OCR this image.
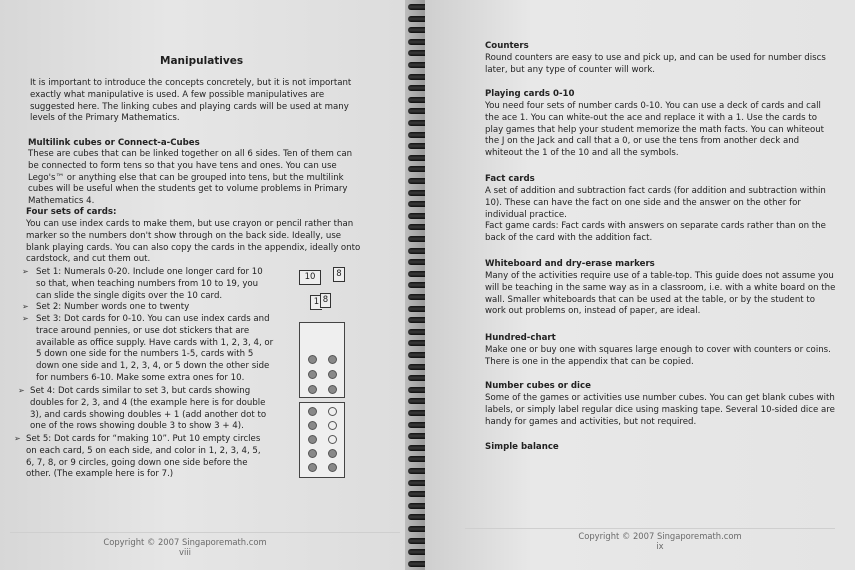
Manipulatives
It is important to introduce the concepts concretely, but it is not important exactly what manipulative is used. A few possible manipulatives are suggested here. The linking cubes and playing cards will be used at many levels of the Primary Mathematics.
Multilink cubes or Connect-a-Cubes
These are cubes that can be linked together on all 6 sides. Ten of them can be connected to form tens so that you have tens and ones. You can use Lego's™ or anything else that can be grouped into tens, but the multilink cubes will be useful when the students get to volume problems in Primary Mathematics 4.
Four sets of cards:
You can use index cards to make them, but use crayon or pencil rather than marker so the numbers don't show through on the back side. Ideally, use blank playing cards. You can also copy the cards in the appendix, ideally onto cardstock, and cut them out.
➢ Set 1: Numerals 0-20. Include one longer card for 10 so that, when teaching numbers from 10 to 19, you can slide the single digits over the 10 card.
➢ Set 2: Number words one to twenty
➢ Set 3: Dot cards for 0-10. You can use index cards and trace around pennies, or use dot stickers that are available as office supply. Have cards with 1, 2, 3, 4, or 5 down one side for the numbers 1-5, cards with 5 down one side and 1, 2, 3, 4, or 5 down the other side for numbers 6-10. Make some extra ones for 10.
➢ Set 4: Dot cards similar to set 3, but cards showing doubles for 2, 3, and 4 (the example here is for double 3), and cards showing doubles + 1 (add another dot to one of the rows showing double 3 to show 3 + 4).
➢ Set 5: Dot cards for “making 10”. Put 10 empty circles on each card, 5 on each side, and color in 1, 2, 3, 4, 5, 6, 7, 8, or 9 circles, going down one side before the other. (The example here is for 7.)
10	8
1 8
Copyright © 2007 Singaporemath.com
viii
Counters
Round counters are easy to use and pick up, and can be used for number discs later, but any type of counter will work.
Playing cards 0-10
You need four sets of number cards 0-10. You can use a deck of cards and call the ace 1. You can white-out the ace and replace it with a 1. Use the cards to play games that help your student memorize the math facts. You can whiteout the J on the Jack and call that a 0, or use the tens from another deck and whiteout the 1 of the 10 and all the symbols.
Fact cards
A set of addition and subtraction fact cards (for addition and subtraction within 10). These can have the fact on one side and the answer on the other for individual practice.
Fact game cards: Fact cards with answers on separate cards rather than on the back of the card with the addition fact.
Whiteboard and dry-erase markers
Many of the activities require use of a table-top. This guide does not assume you will be teaching in the same way as in a classroom, i.e. with a white board on the wall. Smaller whiteboards that can be used at the table, or by the student to work out problems on, instead of paper, are ideal.
Hundred-chart
Make one or buy one with squares large enough to cover with counters or coins. There is one in the appendix that can be copied.
Number cubes or dice
Some of the games or activities use number cubes. You can get blank cubes with labels, or simply label regular dice using masking tape. Several 10-sided dice are handy for games and activities, but not required.
Simple balance
Copyright © 2007 Singaporemath.com
ix
